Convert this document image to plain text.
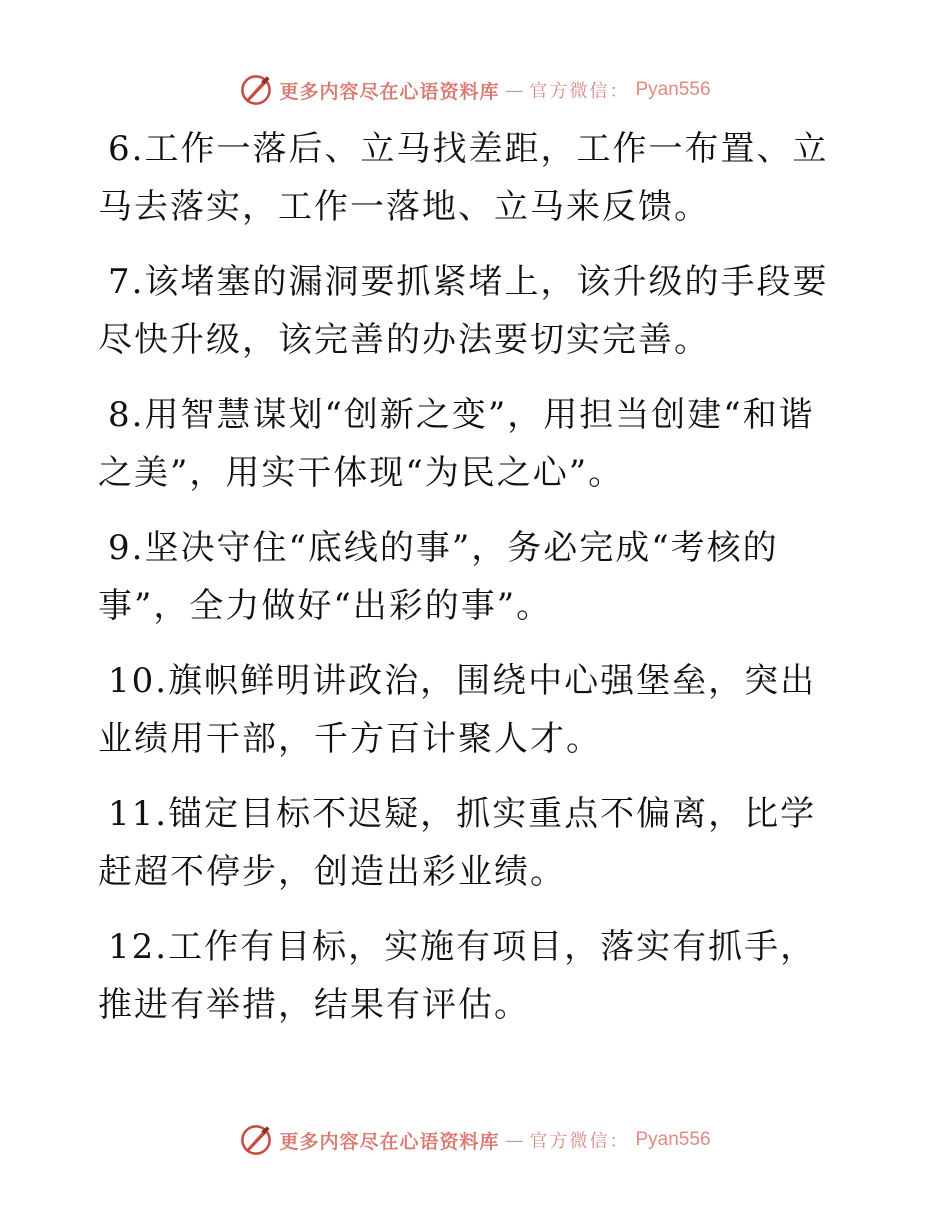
更多内容尽在心语资料库 — 官方微信： Pyan556

6.工作一落后、立马找差距，工作一布置、立马去落实，工作一落地、立马来反馈。

7.该堵塞的漏洞要抓紧堵上，该升级的手段要尽快升级，该完善的办法要切实完善。

8.用智慧谋划“创新之变”，用担当创建“和谐之美”，用实干体现“为民之心”。

9.坚决守住“底线的事”，务必完成“考核的事”，全力做好“出彩的事”。

10.旗帜鲜明讲政治，围绕中心强堡垒，突出业绩用干部，千方百计聚人才。

11.锚定目标不迟疑，抓实重点不偏离，比学赶超不停步，创造出彩业绩。

12.工作有目标，实施有项目，落实有抓手，推进有举措，结果有评估。

更多内容尽在心语资料库 — 官方微信： Pyan556
